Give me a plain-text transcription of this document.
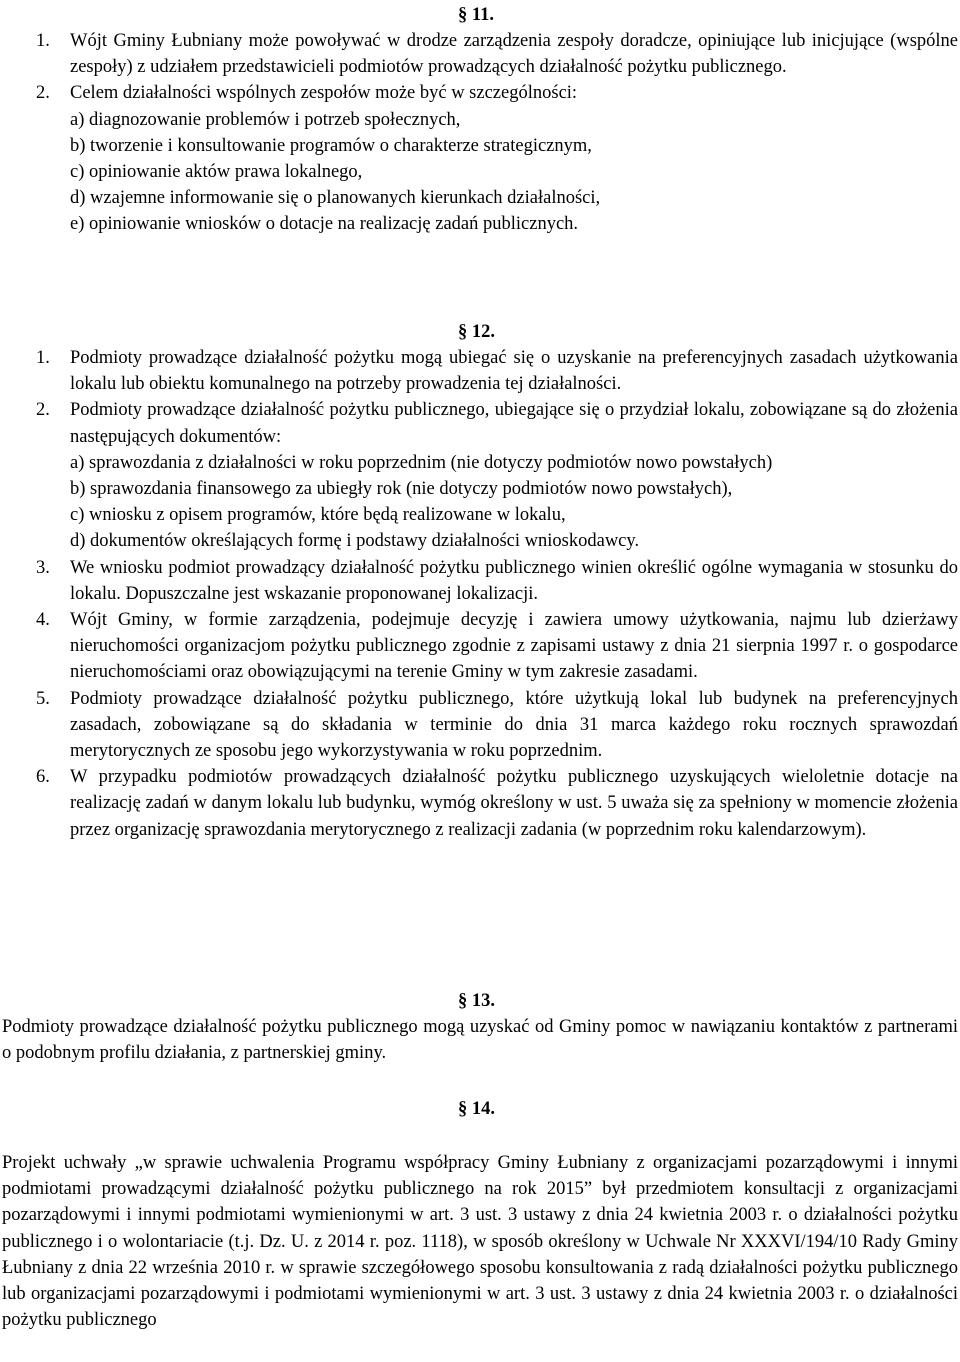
§ 11.
1. Wójt Gminy Łubniany może powoływać w drodze zarządzenia zespoły doradcze, opiniujące lub inicjujące (wspólne zespoły) z udziałem przedstawicieli podmiotów prowadzących działalność pożytku publicznego.
2. Celem działalności wspólnych zespołów może być w szczególności:
a) diagnozowanie problemów i potrzeb społecznych,
b) tworzenie i konsultowanie programów o charakterze strategicznym,
c) opiniowanie aktów prawa lokalnego,
d) wzajemne informowanie się o planowanych kierunkach działalności,
e) opiniowanie wniosków o dotacje na realizację zadań publicznych.
§ 12.
1. Podmioty prowadzące działalność pożytku mogą ubiegać się o uzyskanie na preferencyjnych zasadach użytkowania lokalu lub obiektu komunalnego na potrzeby prowadzenia tej działalności.
2. Podmioty prowadzące działalność pożytku publicznego, ubiegające się o przydział lokalu, zobowiązane są do złożenia następujących dokumentów:
a) sprawozdania z działalności w roku poprzednim (nie dotyczy podmiotów nowo powstałych)
b) sprawozdania finansowego za ubiegły rok (nie dotyczy podmiotów nowo powstałych),
c) wniosku z opisem programów, które będą realizowane w lokalu,
d) dokumentów określających formę i podstawy działalności wnioskodawcy.
3. We wniosku podmiot prowadzący działalność pożytku publicznego winien określić ogólne wymagania w stosunku do lokalu. Dopuszczalne jest wskazanie proponowanej lokalizacji.
4. Wójt Gminy, w formie zarządzenia, podejmuje decyzję i zawiera umowy użytkowania, najmu lub dzierżawy nieruchomości organizacjom pożytku publicznego zgodnie z zapisami ustawy z dnia 21 sierpnia 1997 r. o gospodarce nieruchomościami oraz obowiązującymi na terenie Gminy w tym zakresie zasadami.
5. Podmioty prowadzące działalność pożytku publicznego, które użytkują lokal lub budynek na preferencyjnych zasadach, zobowiązane są do składania w terminie do dnia 31 marca każdego roku rocznych sprawozdań merytorycznych ze sposobu jego wykorzystywania w roku poprzednim.
6. W przypadku podmiotów prowadzących działalność pożytku publicznego uzyskujących wieloletnie dotacje na realizację zadań w danym lokalu lub budynku, wymóg określony w ust. 5 uważa się za spełniony w momencie złożenia przez organizację sprawozdania merytorycznego z realizacji zadania (w poprzednim roku kalendarzowym).
§ 13.
Podmioty prowadzące działalność pożytku publicznego mogą uzyskać od Gminy pomoc w nawiązaniu kontaktów z partnerami o podobnym profilu działania, z partnerskiej gminy.
§ 14.
Projekt uchwały „w sprawie uchwalenia Programu współpracy Gminy Łubniany z organizacjami pozarządowymi i innymi podmiotami prowadzącymi działalność pożytku publicznego na rok 2015” był przedmiotem konsultacji z organizacjami pozarządowymi i innymi podmiotami wymienionymi w art. 3 ust. 3 ustawy z dnia 24 kwietnia 2003 r. o działalności pożytku publicznego i o wolontariacie (t.j. Dz. U. z 2014 r. poz. 1118), w sposób określony w Uchwale Nr XXXVI/194/10 Rady Gminy Łubniany z dnia 22 września 2010 r. w sprawie szczegółowego sposobu konsultowania z radą działalności pożytku publicznego lub organizacjami pozarządowymi i podmiotami wymienionymi w art. 3 ust. 3 ustawy z dnia 24 kwietnia 2003 r. o działalności pożytku publicznego
